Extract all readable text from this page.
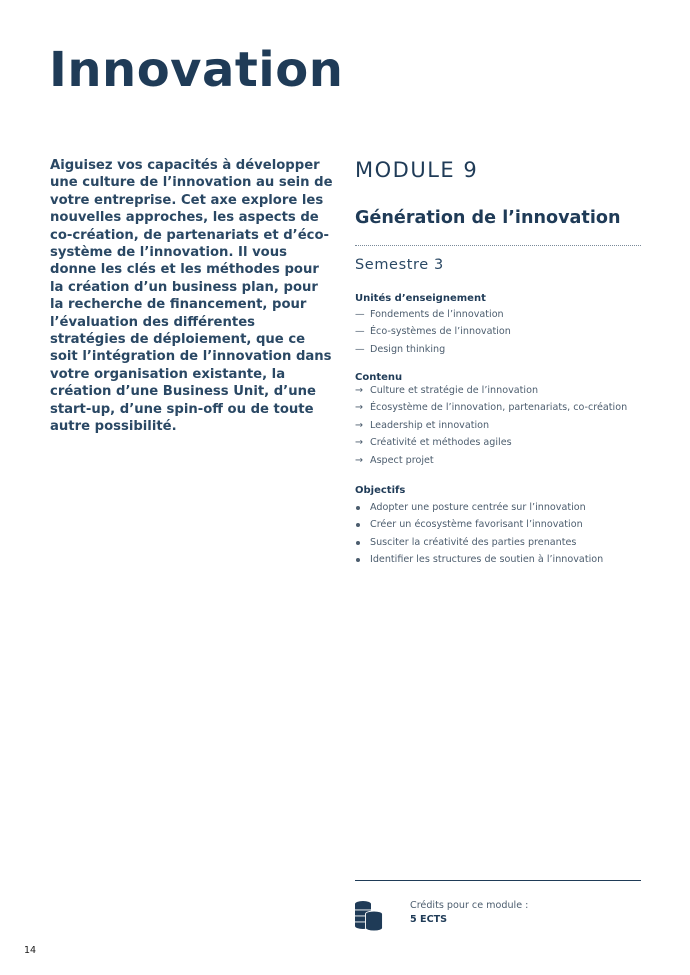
Innovation

Aiguisez vos capacités à développer une culture de l’innovation au sein de votre entreprise. Cet axe explore les nouvelles approches, les aspects de co-création, de partenariats et d’éco-système de l’innovation. Il vous donne les clés et les méthodes pour la création d’un business plan, pour la recherche de financement, pour l’évaluation des différentes stratégies de déploiement, que ce soit l’intégration de l’innovation dans votre organisation existante, la création d’une Business Unit, d’une start-up, d’une spin-off ou de toute autre possibilité.

MODULE 9
Génération de l’innovation

Semestre 3

Unités d’enseignement

— Fondements de l’innovation
— Éco-systèmes de l’innovation
— Design thinking

Contenu

→ Culture et stratégie de l’innovation
→ Écosystème de l’innovation, partenariats, co-création
→ Leadership et innovation
→ Créativité et méthodes agiles
→ Aspect projet

Objectifs

Adopter une posture centrée sur l’innovation
Créer un écosystème favorisant l’innovation
Susciter la créativité des parties prenantes
Identifier les structures de soutien à l’innovation

Crédits pour ce module :

5 ECTS

14
